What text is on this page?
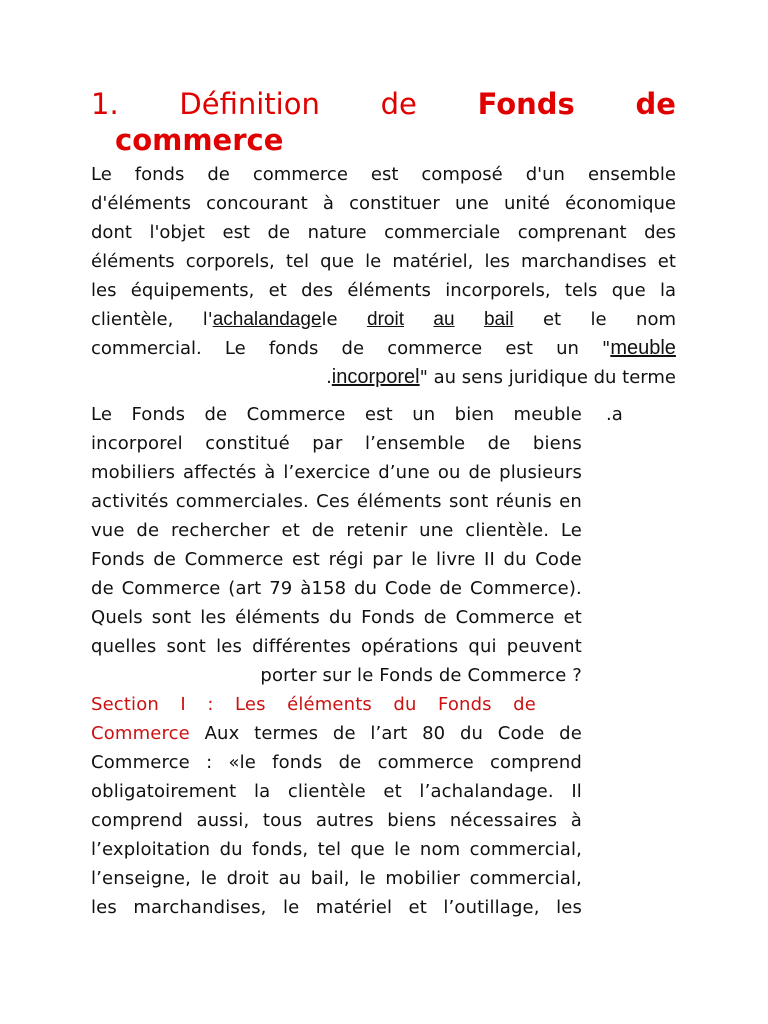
1. Définition de Fonds de
commerce
Le fonds de commerce est composé d'un ensemble
d'éléments concourant à constituer une unité économique
dont l'objet est de nature commerciale comprenant des
éléments corporels, tel que le matériel, les marchandises et
les équipements, et des éléments incorporels, tels que la
clientèle, l'achalandagele droit au bail et le nom
commercial. Le fonds de commerce est un "meuble
.incorporel" au sens juridique du terme
.a
Le Fonds de Commerce est un bien meuble
incorporel constitué par l’ensemble de biens
mobiliers affectés à l’exercice d’une ou de plusieurs
activités commerciales. Ces éléments sont réunis en
vue de rechercher et de retenir une clientèle. Le
Fonds de Commerce est régi par le livre II du Code
de Commerce (art 79 à158 du Code de Commerce).
Quels sont les éléments du Fonds de Commerce et
quelles sont les différentes opérations qui peuvent
porter sur le Fonds de Commerce ?
Section I : Les éléments du Fonds de
Commerce Aux termes de l’art 80 du Code de
Commerce : «le fonds de commerce comprend
obligatoirement la clientèle et l’achalandage. Il
comprend aussi, tous autres biens nécessaires à
l’exploitation du fonds, tel que le nom commercial,
l’enseigne, le droit au bail, le mobilier commercial,
les marchandises, le matériel et l’outillage, les
